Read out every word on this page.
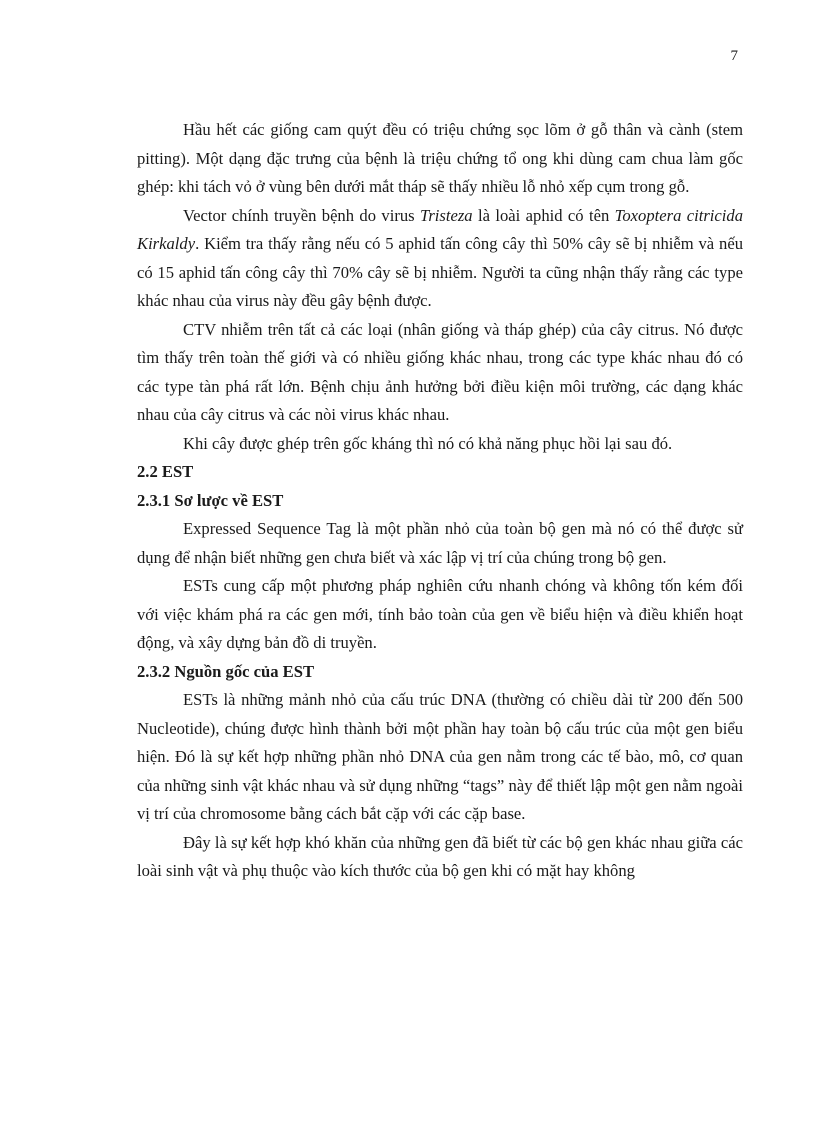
7

Hầu hết các giống cam quýt đều có triệu chứng sọc lõm ở gỗ thân và cành (stem pitting). Một dạng đặc trưng của bệnh là triệu chứng tổ ong khi dùng cam chua làm gốc ghép: khi tách vỏ ở vùng bên dưới mắt tháp sẽ thấy nhiều lỗ nhỏ xếp cụm trong gỗ.

Vector chính truyền bệnh do virus Tristeza là loài aphid có tên Toxoptera citricida Kirkaldy. Kiểm tra thấy rằng nếu có 5 aphid tấn công cây thì 50% cây sẽ bị nhiễm và nếu có 15 aphid tấn công cây thì 70% cây sẽ bị nhiễm. Người ta cũng nhận thấy rằng các type khác nhau của virus này đều gây bệnh được.

CTV nhiễm trên tất cả các loại (nhân giống và tháp ghép) của cây citrus. Nó được tìm thấy trên toàn thế giới và có nhiều giống khác nhau, trong các type khác nhau đó có các type tàn phá rất lớn. Bệnh chịu ảnh hưởng bởi điều kiện môi trường, các dạng khác nhau của cây citrus và các nòi virus khác nhau.

Khi cây được ghép trên gốc kháng thì nó có khả năng phục hồi lại sau đó.

2.2 EST
2.3.1 Sơ lược về EST

Expressed Sequence Tag là một phần nhỏ của toàn bộ gen mà nó có thể được sử dụng để nhận biết những gen chưa biết và xác lập vị trí của chúng trong bộ gen.

ESTs cung cấp một phương pháp nghiên cứu nhanh chóng và không tốn kém đối với việc khám phá ra các gen mới, tính bảo toàn của gen về biểu hiện và điều khiển hoạt động, và xây dựng bản đồ di truyền.

2.3.2 Nguồn gốc của EST

ESTs là những mảnh nhỏ của cấu trúc DNA (thường có chiều dài từ 200 đến 500 Nucleotide), chúng được hình thành bởi một phần hay toàn bộ cấu trúc của một gen biểu hiện. Đó là sự kết hợp những phần nhỏ DNA của gen nằm trong các tế bào, mô, cơ quan của những sinh vật khác nhau và sử dụng những “tags” này để thiết lập một gen nằm ngoài vị trí của chromosome bằng cách bắt cặp với các cặp base.

Đây là sự kết hợp khó khăn của những gen đã biết từ các bộ gen khác nhau giữa các loài sinh vật và phụ thuộc vào kích thước của bộ gen khi có mặt hay không
